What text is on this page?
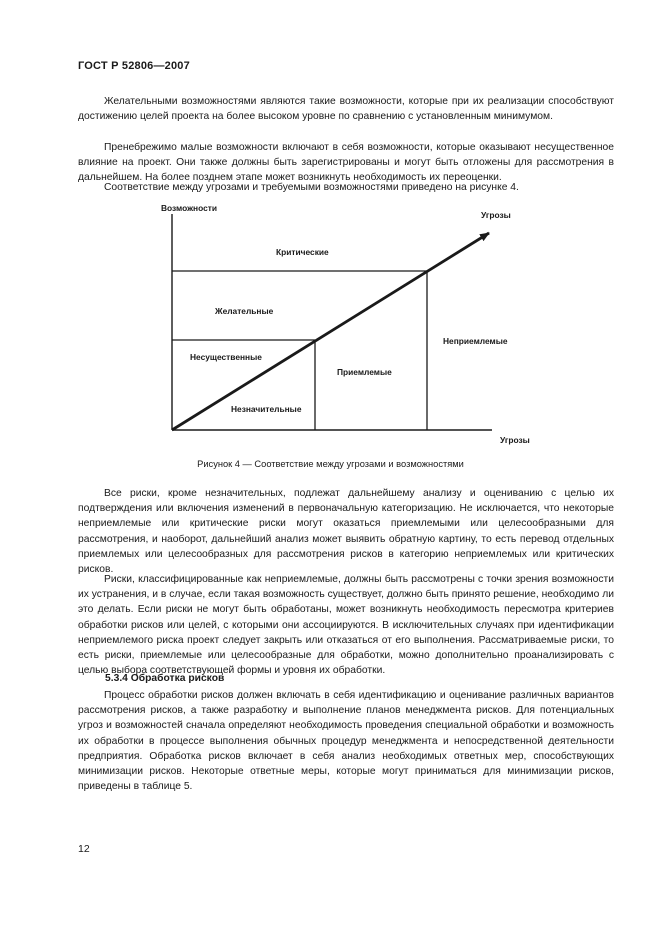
ГОСТ Р 52806—2007

Желательными возможностями являются такие возможности, которые при их реализации способствуют достижению целей проекта на более высоком уровне по сравнению с установленным минимумом.

Пренебрежимо малые возможности включают в себя возможности, которые оказывают несущественное влияние на проект. Они также должны быть зарегистрированы и могут быть отложены для рассмотрения в дальнейшем. На более позднем этапе может возникнуть необходимость их переоценки.

Соответствие между угрозами и требуемыми возможностями приведено на рисунке 4.

Возможности
Угрозы
Угрозы
Критические
Желательные
Несущественные
Незначительные
Приемлемые
Неприемлемые
Рисунок 4 — Соответствие между угрозами и возможностями

Все риски, кроме незначительных, подлежат дальнейшему анализу и оцениванию с целью их подтверждения или включения изменений в первоначальную категоризацию. Не исключается, что некоторые неприемлемые или критические риски могут оказаться приемлемыми или целесообразными для рассмотрения, и наоборот, дальнейший анализ может выявить обратную картину, то есть перевод отдельных приемлемых или целесообразных для рассмотрения рисков в категорию неприемлемых или критических рисков.

Риски, классифицированные как неприемлемые, должны быть рассмотрены с точки зрения возможности их устранения, и в случае, если такая возможность существует, должно быть принято решение, необходимо ли это делать. Если риски не могут быть обработаны, может возникнуть необходимость пересмотра критериев обработки рисков или целей, с которыми они ассоциируются. В исключительных случаях при идентификации неприемлемого риска проект следует закрыть или отказаться от его выполнения. Рассматриваемые риски, то есть риски, приемлемые или целесообразные для обработки, можно дополнительно проанализировать с целью выбора соответствующей формы и уровня их обработки.

5.3.4 Обработка рисков

Процесс обработки рисков должен включать в себя идентификацию и оценивание различных вариантов рассмотрения рисков, а также разработку и выполнение планов менеджмента рисков. Для потенциальных угроз и возможностей сначала определяют необходимость проведения специальной обработки и возможность их обработки в процессе выполнения обычных процедур менеджмента и непосредственной деятельности предприятия. Обработка рисков включает в себя анализ необходимых ответных мер, способствующих минимизации рисков. Некоторые ответные меры, которые могут приниматься для минимизации рисков, приведены в таблице 5.

12
